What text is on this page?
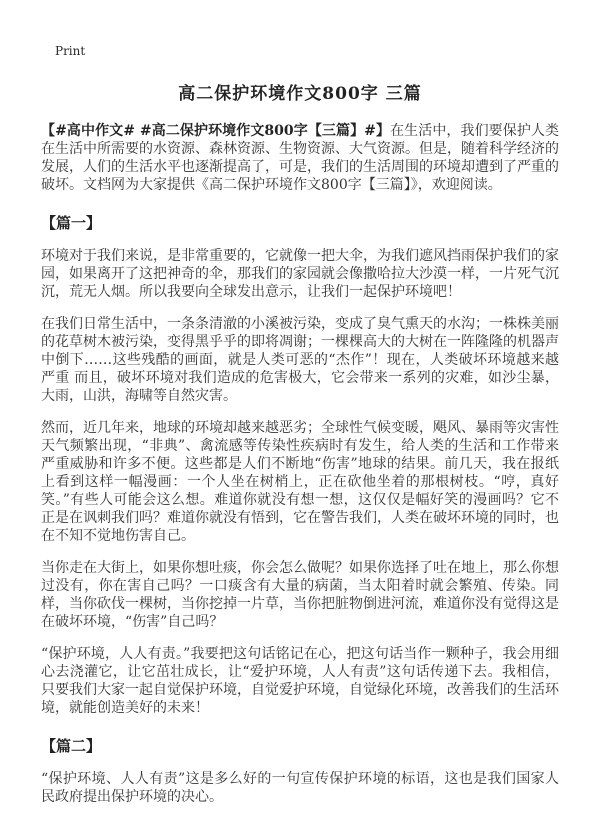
Print
高二保护环境作文800字 三篇

【#高中作文# #高二保护环境作文800字【三篇】#】在生活中，我们要保护人类在生活中所需要的水资源、森林资源、生物资源、大气资源。但是，随着科学经济的发展，人们的生活水平也逐渐提高了，可是，我们的生活周围的环境却遭到了严重的破坏。文档网为大家提供《高二保护环境作文800字【三篇】》，欢迎阅读。

【篇一】

环境对于我们来说，是非常重要的，它就像一把大伞，为我们遮风挡雨保护我们的家园，如果离开了这把神奇的伞，那我们的家园就会像撒哈拉大沙漠一样，一片死气沉沉，荒无人烟。所以我要向全球发出意示，让我们一起保护环境吧！

在我们日常生活中，一条条清澈的小溪被污染，变成了臭气熏天的水沟；一株株美丽的花草树木被污染，变得黑乎乎的即将凋谢；一棵棵高大的大树在一阵隆隆的机器声中倒下……这些残酷的画面，就是人类可恶的“杰作”！现在，人类破坏环境越来越严重 而且，破坏环境对我们造成的危害极大，它会带来一系列的灾难，如沙尘暴，大雨，山洪，海啸等自然灾害。

然而，近几年来，地球的环境却越来越恶劣；全球性气候变暖，飓风、暴雨等灾害性天气频繁出现，“非典”、禽流感等传染性疾病时有发生，给人类的生活和工作带来严重威胁和许多不便。这些都是人们不断地“伤害”地球的结果。前几天，我在报纸上看到这样一幅漫画：一个人坐在树梢上，正在砍他坐着的那根树枝。“哼，真好笑。”有些人可能会这么想。难道你就没有想一想，这仅仅是幅好笑的漫画吗？它不正是在讽刺我们吗？难道你就没有悟到，它在警告我们，人类在破坏环境的同时，也在不知不觉地伤害自己。

当你走在大街上，如果你想吐痰，你会怎么做呢？如果你选择了吐在地上，那么你想过没有，你在害自己吗？一口痰含有大量的病菌，当太阳着时就会繁殖、传染。同样，当你砍伐一棵树，当你挖掉一片草，当你把脏物倒进河流，难道你没有觉得这是在破坏环境，“伤害”自己吗？

“保护环境，人人有责。”我要把这句话铭记在心，把这句话当作一颗种子，我会用细心去浇灌它，让它茁壮成长，让“爱护环境，人人有责”这句话传递下去。我相信，只要我们大家一起自觉保护环境，自觉爱护环境，自觉绿化环境，改善我们的生活环境，就能创造美好的未来！

【篇二】

“保护环境、人人有责”这是多么好的一句宣传保护环境的标语，这也是我们国家人民政府提出保护环境的决心。
